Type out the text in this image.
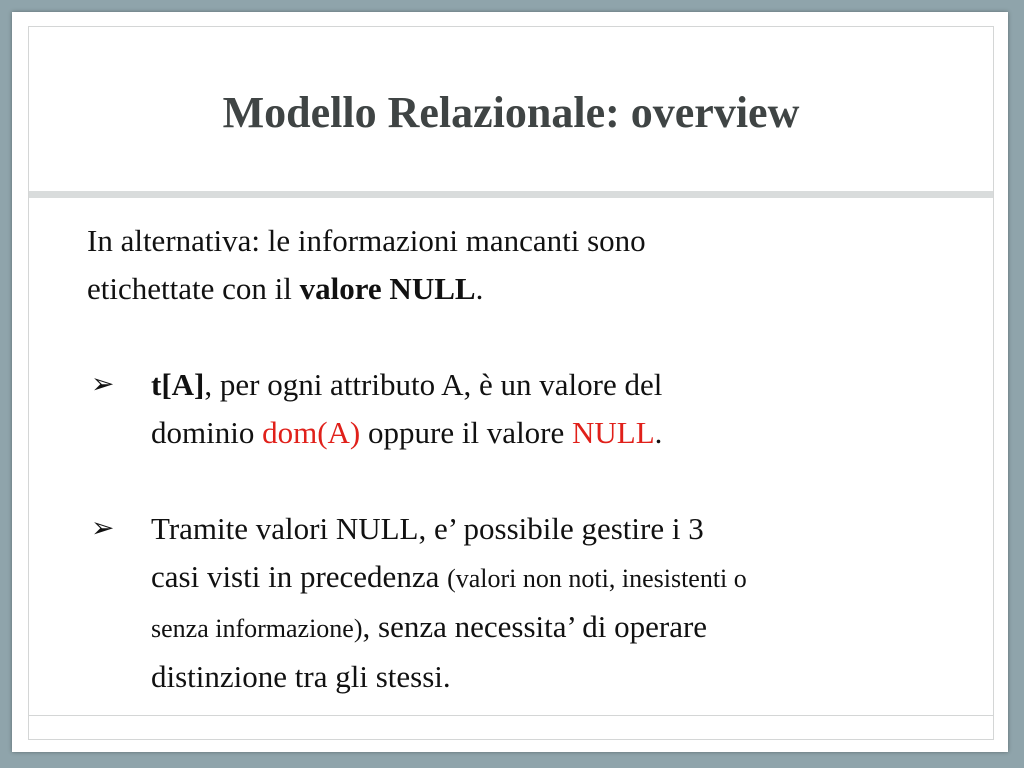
Modello Relazionale: overview

In alternativa: le informazioni mancanti sono
etichettate con il valore NULL.

➢ t[A], per ogni attributo A, è un valore del
dominio dom(A) oppure il valore NULL.

➢ Tramite valori NULL, e’ possibile gestire i 3
casi visti in precedenza (valori non noti, inesistenti o
senza informazione), senza necessita’ di operare
distinzione tra gli stessi.
